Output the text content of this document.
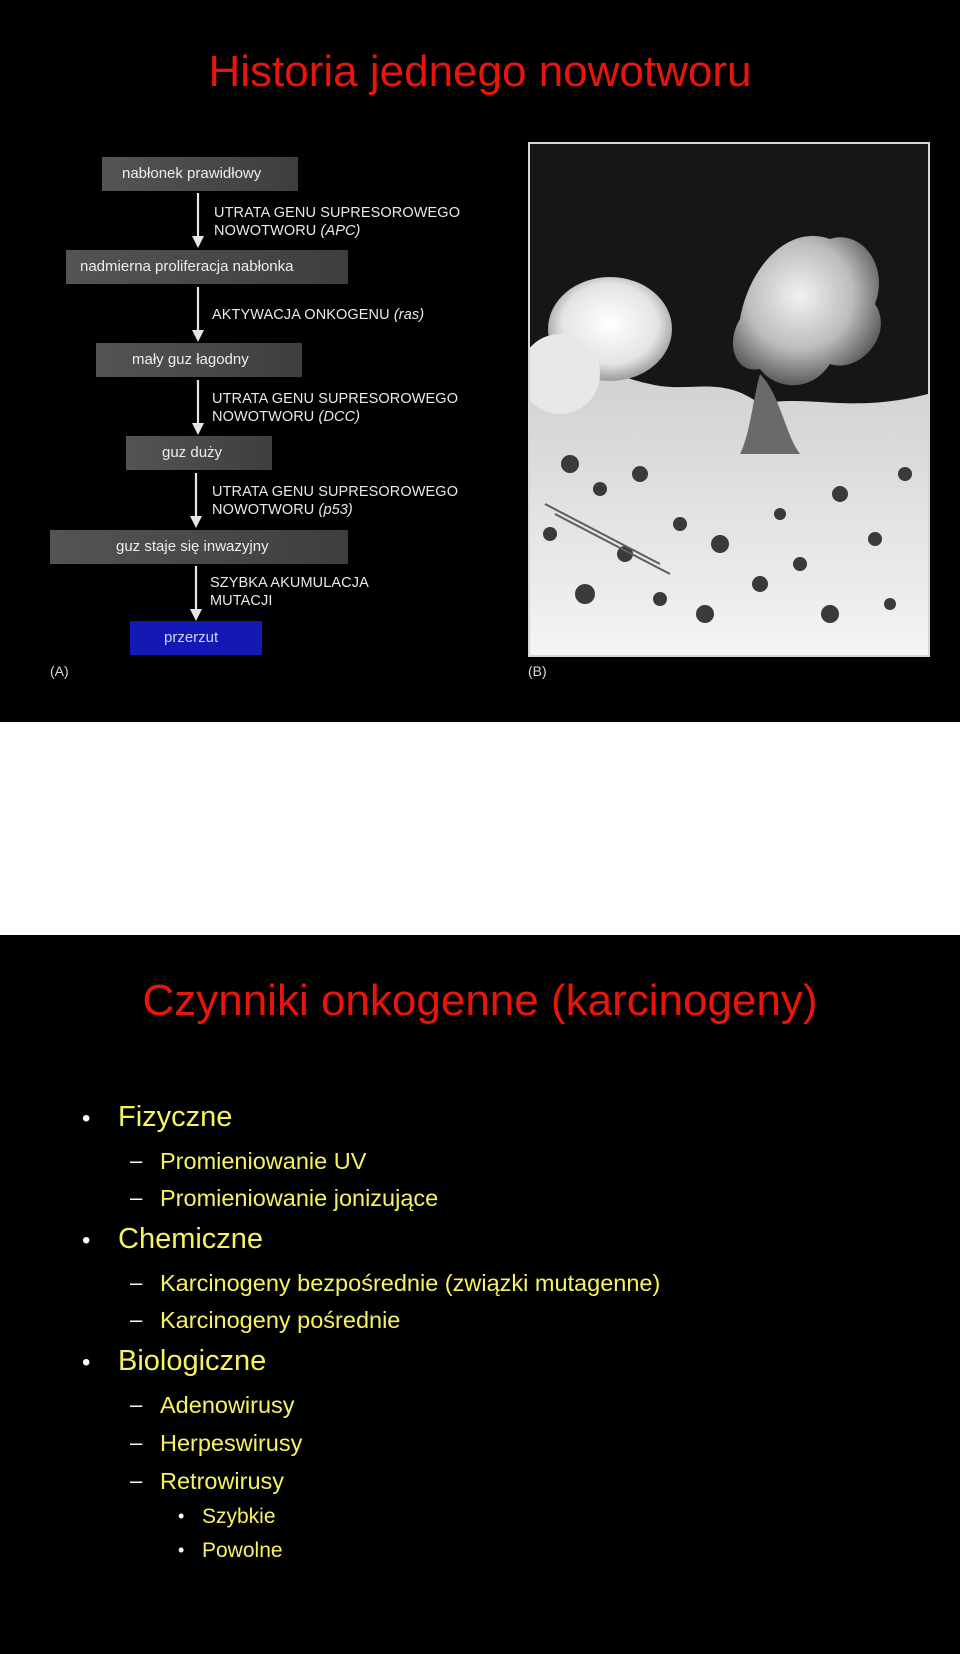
Historia jednego nowotworu
nabłonek prawidłowy
nadmierna proliferacja nabłonka
mały guz łagodny
guz duży
guz staje się inwazyjny
przerzut
UTRATA GENU SUPRESOROWEGO
NOWOTWORU (APC)
AKTYWACJA ONKOGENU (ras)
UTRATA GENU SUPRESOROWEGO
NOWOTWORU (DCC)
UTRATA GENU SUPRESOROWEGO
NOWOTWORU (p53)
SZYBKA AKUMULACJA
MUTACJI
(A)	(B)
Czynniki onkogenne (karcinogeny)
• Fizyczne
– Promieniowanie UV
– Promieniowanie jonizujące
• Chemiczne
– Karcinogeny bezpośrednie (związki mutagenne)
– Karcinogeny pośrednie
• Biologiczne
– Adenowirusy
– Herpeswirusy
– Retrowirusy
• Szybkie
• Powolne
